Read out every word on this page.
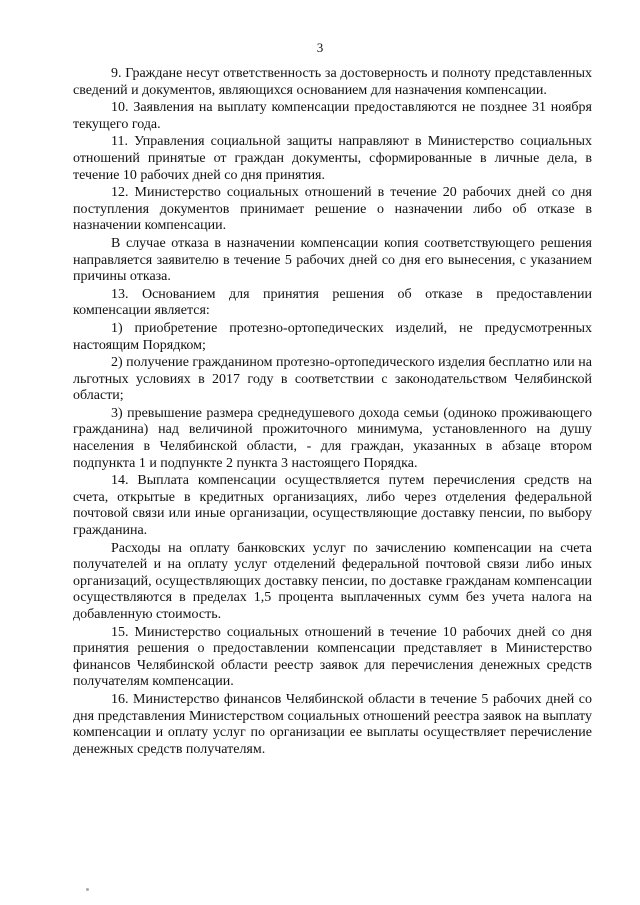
3

9. Граждане несут ответственность за достоверность и полноту представленных сведений и документов, являющихся основанием для назначения компенсации.

10. Заявления на выплату компенсации предоставляются не позднее 31 ноября текущего года.

11. Управления социальной защиты направляют в Министерство социальных отношений принятые от граждан документы, сформированные в личные дела, в течение 10 рабочих дней со дня принятия.

12. Министерство социальных отношений в течение 20 рабочих дней со дня поступления документов принимает решение о назначении либо об отказе в назначении компенсации.

В случае отказа в назначении компенсации копия соответствующего решения направляется заявителю в течение 5 рабочих дней со дня его вынесения, с указанием причины отказа.

13. Основанием для принятия решения об отказе в предоставлении компенсации является:

1) приобретение протезно-ортопедических изделий, не предусмотренных настоящим Порядком;

2) получение гражданином протезно-ортопедического изделия бесплатно или на льготных условиях в 2017 году в соответствии с законодательством Челябинской области;

3) превышение размера среднедушевого дохода семьи (одиноко проживающего гражданина) над величиной прожиточного минимума, установленного на душу населения в Челябинской области, - для граждан, указанных в абзаце втором подпункта 1 и подпункте 2 пункта 3 настоящего Порядка.

14. Выплата компенсации осуществляется путем перечисления средств на счета, открытые в кредитных организациях, либо через отделения федеральной почтовой связи или иные организации, осуществляющие доставку пенсии, по выбору гражданина.

Расходы на оплату банковских услуг по зачислению компенсации на счета получателей и на оплату услуг отделений федеральной почтовой связи либо иных организаций, осуществляющих доставку пенсии, по доставке гражданам компенсации осуществляются в пределах 1,5 процента выплаченных сумм без учета налога на добавленную стоимость.

15. Министерство социальных отношений в течение 10 рабочих дней со дня принятия решения о предоставлении компенсации представляет в Министерство финансов Челябинской области реестр заявок для перечисления денежных средств получателям компенсации.

16. Министерство финансов Челябинской области в течение 5 рабочих дней со дня представления Министерством социальных отношений реестра заявок на выплату компенсации и оплату услуг по организации ее выплаты осуществляет перечисление денежных средств получателям.
